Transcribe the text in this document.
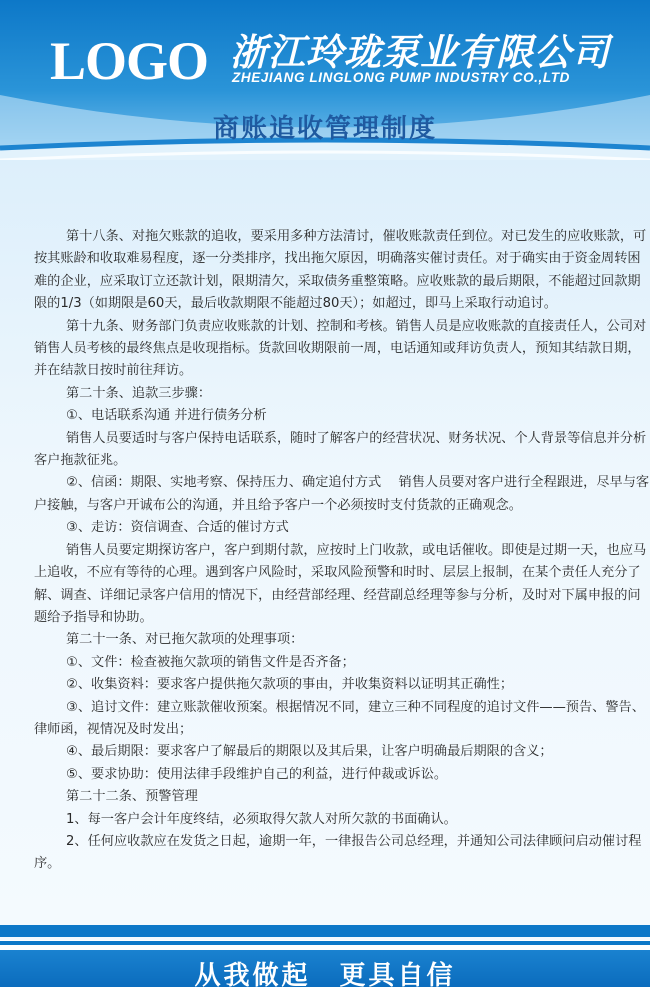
LOGO 浙江玲珑泵业有限公司
ZHEJIANG LINGLONG PUMP INDUSTRY CO.,LTD
商账追收管理制度

第十八条、对拖欠账款的追收，要采用多种方法清讨，催收账款责任到位。对已发生的应收账款，可按其账龄和收取难易程度，逐一分类排序，找出拖欠原因，明确落实催讨责任。对于确实由于资金周转困难的企业，应采取订立还款计划，限期清欠，采取债务重整策略。应收账款的最后期限，不能超过回款期限的1/3（如期限是60天，最后收款期限不能超过80天）；如超过，即马上采取行动追讨。

第十九条、财务部门负责应收账款的计划、控制和考核。销售人员是应收账款的直接责任人，公司对销售人员考核的最终焦点是收现指标。货款回收期限前一周，电话通知或拜访负责人，预知其结款日期，并在结款日按时前往拜访。

第二十条、追款三步骤：

①、电话联系沟通 并进行债务分析

销售人员要适时与客户保持电话联系，随时了解客户的经营状况、财务状况、个人背景等信息并分析客户拖款征兆。

②、信函：期限、实地考察、保持压力、确定追付方式　 销售人员要对客户进行全程跟进，尽早与客户接触，与客户开诚布公的沟通，并且给予客户一个必须按时支付货款的正确观念。

③、走访：资信调查、合适的催讨方式

销售人员要定期探访客户，客户到期付款，应按时上门收款，或电话催收。即使是过期一天，也应马上追收，不应有等待的心理。遇到客户风险时，采取风险预警和时时、层层上报制，在某个责任人充分了解、调查、详细记录客户信用的情况下，由经营部经理、经营副总经理等参与分析，及时对下属申报的问题给予指导和协助。

第二十一条、对已拖欠款项的处理事项：

①、文件：检查被拖欠款项的销售文件是否齐备；

②、收集资料：要求客户提供拖欠款项的事由，并收集资料以证明其正确性；

③、追讨文件：建立账款催收预案。根据情况不同，建立三种不同程度的追讨文件——预告、警告、律师函，视情况及时发出；

④、最后期限：要求客户了解最后的期限以及其后果，让客户明确最后期限的含义；

⑤、要求协助：使用法律手段维护自己的利益，进行仲裁或诉讼。

第二十二条、预警管理

1、每一客户会计年度终结，必须取得欠款人对所欠款的书面确认。

2、任何应收款应在发货之日起，逾期一年，一律报告公司总经理，并通知公司法律顾问启动催讨程序。

从我做起　更具自信
